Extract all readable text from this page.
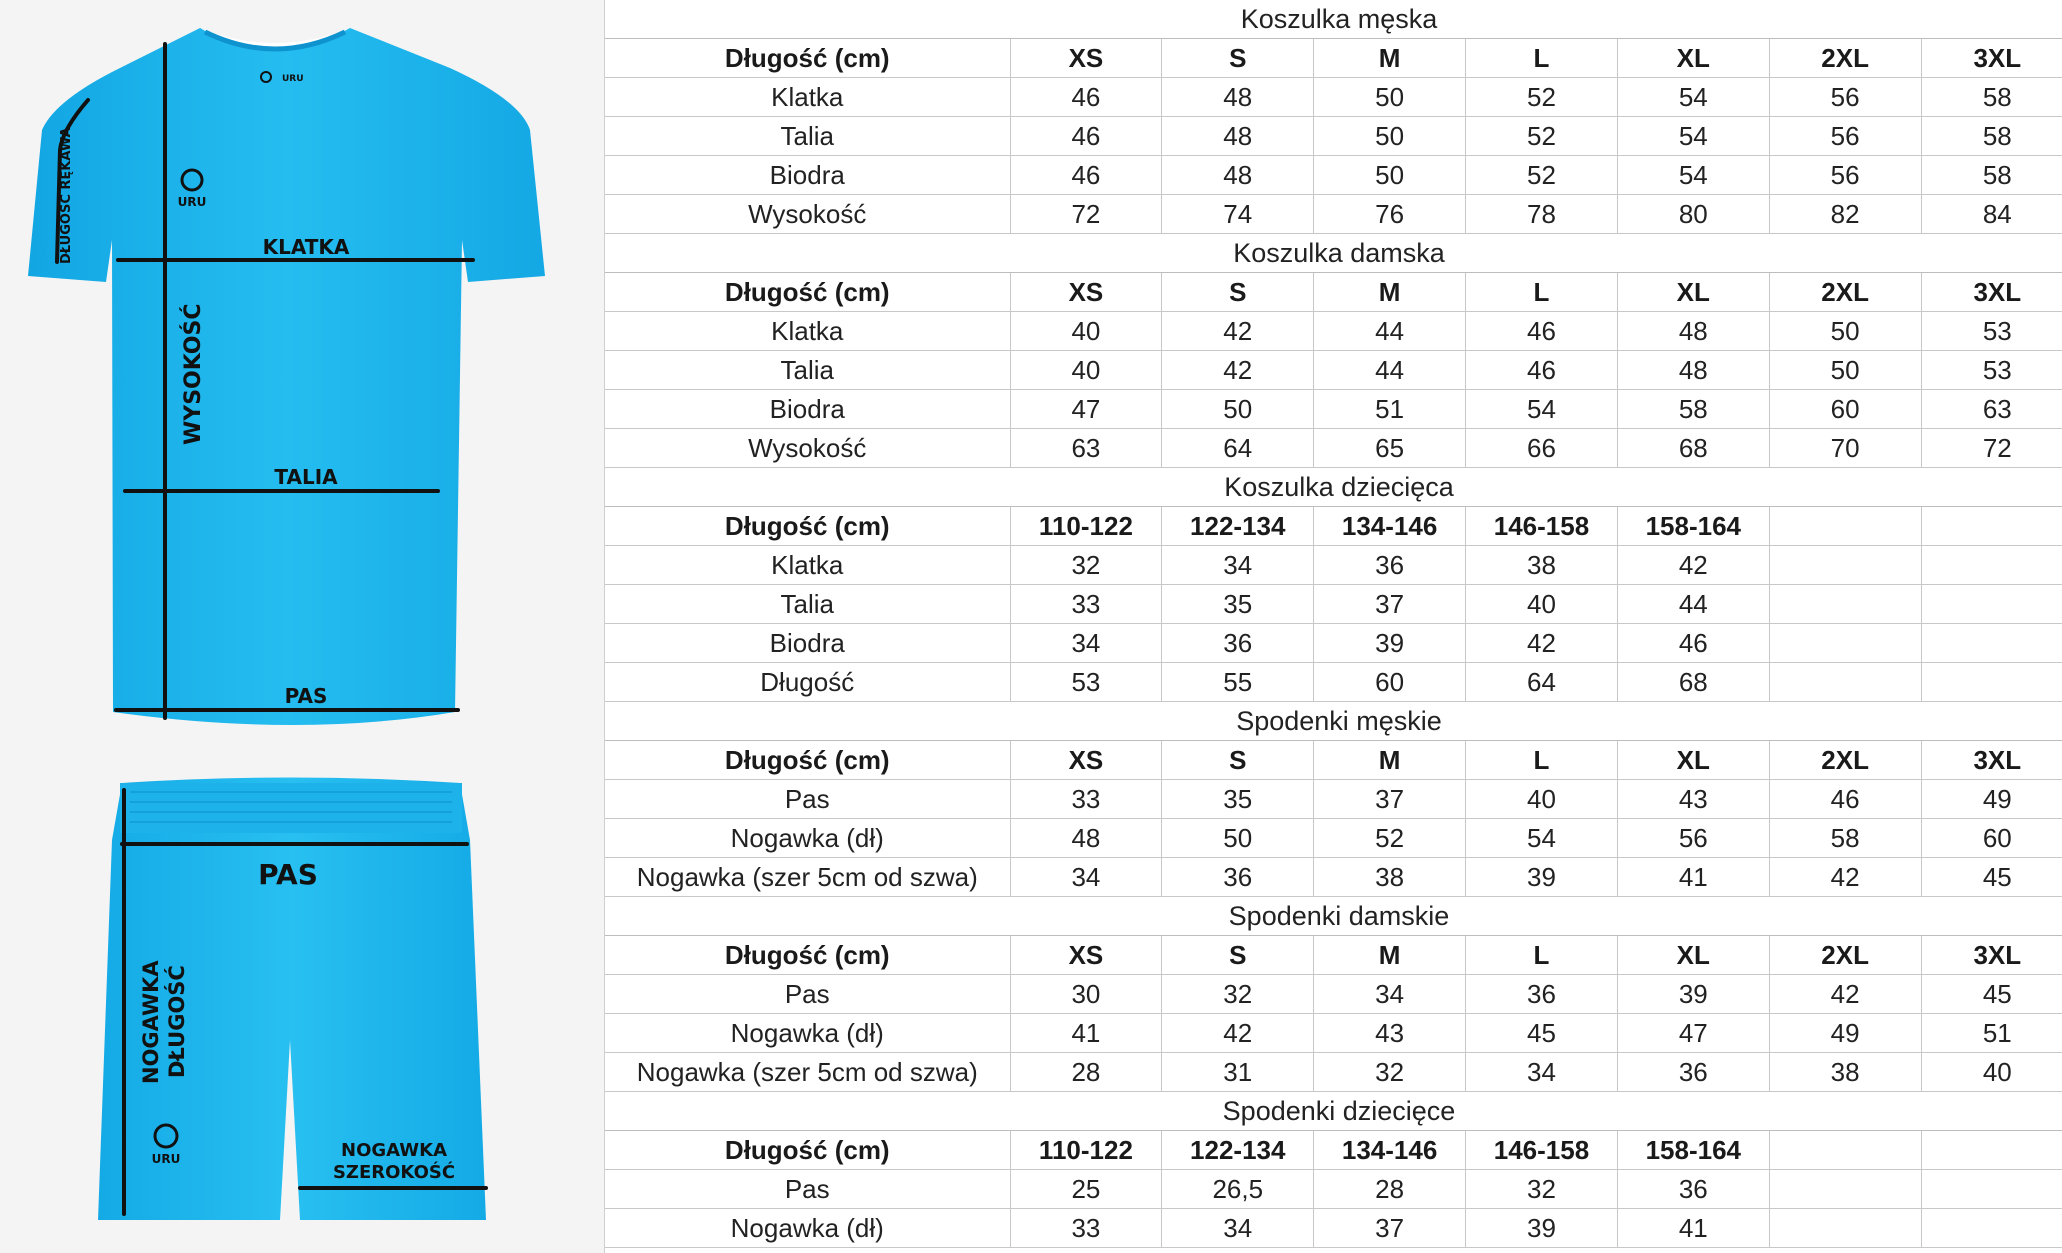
URU
URU
DŁUGOŚĆ RĘKAWA	KLATKA
WYSOKOŚĆ
TALIA
PAS
URU
PAS
NOGAWKA DŁUGOŚĆ
NOGAWKA
SZEROKOŚĆ
Koszulka męska							
Długość (cm)	XS	S	M	L	XL	2XL	3XL
Klatka	46	48	50	52	54	56	58
Talia	46	48	50	52	54	56	58
Biodra	46	48	50	52	54	56	58
Wysokość	72	74	76	78	80	82	84
Koszulka damska							
Długość (cm)	XS	S	M	L	XL	2XL	3XL
Klatka	40	42	44	46	48	50	53
Talia	40	42	44	46	48	50	53
Biodra	47	50	51	54	58	60	63
Wysokość	63	64	65	66	68	70	72
Koszulka dziecięca							
Długość (cm)	110-122	122-134	134-146	146-158	158-164		
Klatka	32	34	36	38	42		
Talia	33	35	37	40	44		
Biodra	34	36	39	42	46		
Długość	53	55	60	64	68		
Spodenki męskie							
Długość (cm)	XS	S	M	L	XL	2XL	3XL
Pas	33	35	37	40	43	46	49
Nogawka (dł)	48	50	52	54	56	58	60
Nogawka (szer 5cm od szwa)	34	36	38	39	41	42	45
Spodenki damskie							
Długość (cm)	XS	S	M	L	XL	2XL	3XL
Pas	30	32	34	36	39	42	45
Nogawka (dł)	41	42	43	45	47	49	51
Nogawka (szer 5cm od szwa)	28	31	32	34	36	38	40
Spodenki dziecięce							
Długość (cm)	110-122	122-134	134-146	146-158	158-164		
Pas	25	26,5	28	32	36		
Nogawka (dł)	33	34	37	39	41		
